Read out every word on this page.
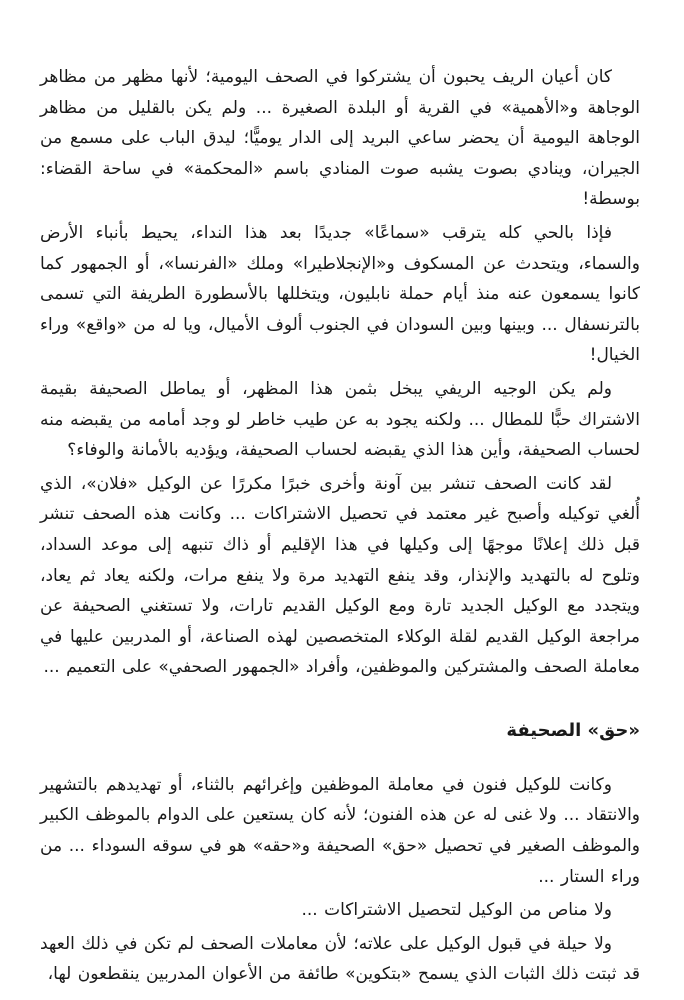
كان أعيان الريف يحبون أن يشتركوا في الصحف اليومية؛ لأنها مظهر من مظاهر الوجاهة و«الأهمية» في القرية أو البلدة الصغيرة ... ولم يكن بالقليل من مظاهر الوجاهة اليومية أن يحضر ساعي البريد إلى الدار يوميًّا؛ ليدق الباب على مسمع من الجيران، وينادي بصوت يشبه صوت المنادي باسم «المحكمة» في ساحة القضاء: بوسطة!

فإذا بالحي كله يترقب «سماعًا» جديدًا بعد هذا النداء، يحيط بأنباء الأرض والسماء، ويتحدث عن المسكوف و«الإنجلاطيرا» وملك «الفرنسا»، أو الجمهور كما كانوا يسمعون عنه منذ أيام حملة نابليون، ويتخللها بالأسطورة الطريفة التي تسمى بالترنسفال ... وبينها وبين السودان في الجنوب ألوف الأميال، ويا له من «واقع» وراء الخيال!

ولم يكن الوجيه الريفي يبخل بثمن هذا المظهر، أو يماطل الصحيفة بقيمة الاشتراك حبًّا للمطال ... ولكنه يجود به عن طيب خاطر لو وجد أمامه من يقبضه منه لحساب الصحيفة، وأين هذا الذي يقبضه لحساب الصحيفة، ويؤديه بالأمانة والوفاء؟

لقد كانت الصحف تنشر بين آونة وأخرى خبرًا مكررًا عن الوكيل «فلان»، الذي أُلغي توكيله وأصبح غير معتمد في تحصيل الاشتراكات ... وكانت هذه الصحف تنشر قبل ذلك إعلانًا موجهًا إلى وكيلها في هذا الإقليم أو ذاك تنبهه إلى موعد السداد، وتلوح له بالتهديد والإنذار، وقد ينفع التهديد مرة ولا ينفع مرات، ولكنه يعاد ثم يعاد، ويتجدد مع الوكيل الجديد تارة ومع الوكيل القديم تارات، ولا تستغني الصحيفة عن مراجعة الوكيل القديم لقلة الوكلاء المتخصصين لهذه الصناعة، أو المدربين عليها في معاملة الصحف والمشتركين والموظفين، وأفراد «الجمهور الصحفي» على التعميم ...

«حق» الصحيفة

وكانت للوكيل فنون في معاملة الموظفين وإغرائهم بالثناء، أو تهديدهم بالتشهير والانتقاد ... ولا غنى له عن هذه الفنون؛ لأنه كان يستعين على الدوام بالموظف الكبير والموظف الصغير في تحصيل «حق» الصحيفة و«حقه» هو في سوقه السوداء ... من وراء الستار ...

ولا مناص من الوكيل لتحصيل الاشتراكات ...

ولا حيلة في قبول الوكيل على علاته؛ لأن معاملات الصحف لم تكن في ذلك العهد قد ثبتت ذلك الثبات الذي يسمح «بتكوين» طائفة من الأعوان المدربين ينقطعون لها،
